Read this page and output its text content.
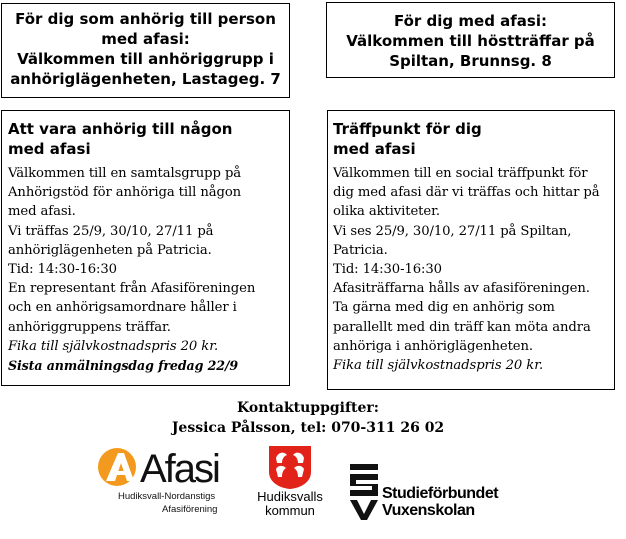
För dig som anhörig till person
med afasi:
Välkommen till anhöriggrupp i
anhöriglägenheten, Lastageg. 7
För dig med afasi:
Välkommen till höstträffar på
Spiltan, Brunnsg. 8
Att vara anhörig till någon
med afasi
Välkommen till en samtalsgrupp på
Anhörigstöd för anhöriga till någon
med afasi.
Vi träffas 25/9, 30/10, 27/11 på
anhöriglägenheten på Patricia.
Tid: 14:30-16:30
En representant från Afasiföreningen
och en anhörigsamordnare håller i
anhöriggruppens träffar.
Fika till självkostnadspris 20 kr.
Sista anmälningsdag fredag 22/9
Träffpunkt för dig
med afasi
Välkommen till en social träffpunkt för
dig med afasi där vi träffas och hittar på
olika aktiviteter.
Vi ses 25/9, 30/10, 27/11 på Spiltan,
Patricia.
Tid: 14:30-16:30
Afasiträffarna hålls av afasiföreningen.
Ta gärna med dig en anhörig som
parallellt med din träff kan möta andra
anhöriga i anhöriglägenheten.
Fika till självkostnadspris 20 kr.
Kontaktuppgifter:
Jessica Pålsson, tel: 070-311 26 02
Afasi
Hudiksvall-Nordanstigs
Afasiförening
Hudiksvalls
kommun
Studieförbundet
Vuxenskolan
